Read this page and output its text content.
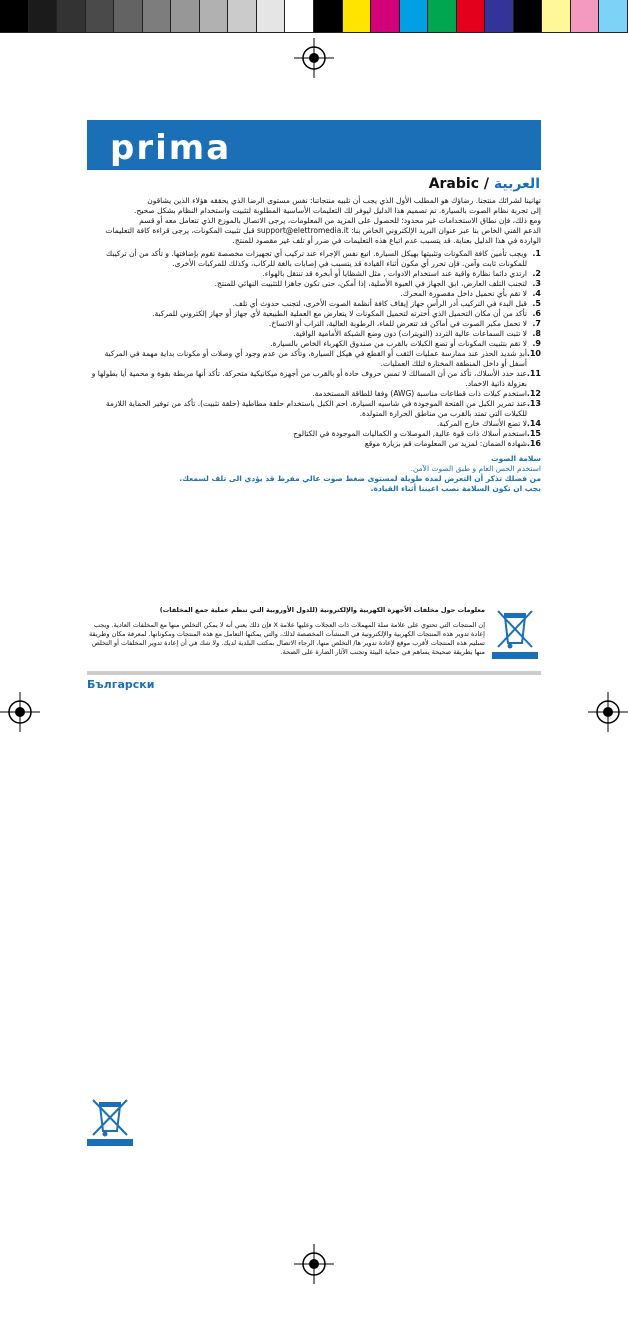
prima
Arabic / العربية

تهانينا لشرائك منتجنا. رضاؤك هو المطلب الأول الذي يجب أن تلبيه منتجاتنا: نفس مستوى الرضا الذي يحققه هؤلاء الذين يشاقون

إلى تجربة نظام الصوت بالسيارة. تم تصميم هذا الدليل ليوفر لك التعليمات الأساسية المطلوبة لتثبيت واستخدام النظام بشكل صحيح.

ومع ذلك، فإن نطاق الاستخدامات غير محدود؛ للحصول على المزيد من المعلومات، يرجى الاتصال بالموزع الذي تتعامل معه أو قسم

الدعم الفني الخاص بنا عبر عنوان البريد الإلكتروني الخاص بنا: support@elettromedia.it قبل تثبيت المكونات، يرجى قراءة كافة التعليمات

الواردة في هذا الدليل بعناية. قد يتسبب عدم اتباع هذه التعليمات في ضرر أو تلف غير مقصود للمنتج.

1.
ويجب تأمين كافة المكونات وتثبيتها بهيكل السيارة. اتبع نفس الإجراء عند تركيب أي تجهيزات مخصصة تقوم بإضافتها. و تأكد من أن تركيبك للمكونات ثابت وآمن. فإن تحرر أي مكون أثناء القيادة قد يتسبب في إصابات بالغة للركاب، وكذلك للمركبات الأخرى.
2.
ارتدي دائما نظارة واقية عند استخدام الادوات , مثل الشظايا أو أبخرة قد تنتقل بالهواء.
3.
لتجنب التلف العارض، ابق الجهاز في العبوة الأصلية، إذا أمكن، حتى تكون جاهزا للتثبيت النهائي للمنتج.
4.
لا تقم بأي تحميل داخل مقصورة المحرك.
5.
قبل البدء في التركيب أدر الرأس جهاز إيقاف كافة أنظمة الصوت الأخرى، لتجنب حدوث أي تلف.
6.
تأكد من أن مكان التحميل الذي أخترته لتحميل المكونات لا يتعارض مع العملية الطبيعية لأي جهاز أو جهاز إلكتروني للمركبة.
7.
لا تحمل مكبر الصوت في أماكن قد تتعرض للماء، الرطوبة العالية، التراب أو الاتساخ.
8.
لا تثبت السماعات عالية التردد (التويترات) دون وضع الشبكة الأمامية الواقية.
9.
لا تقم بتثبيت المكونات أو تضع الكبلات بالقرب من صندوق الكهرباء الخاص بالسيارة.
10.
أبدِ شديد الحذر عند ممارسة عمليات الثقب أو القطع في هيكل السيارة، وتأكد من عدم وجود أي وصلات أو مكونات بداية مهمة في المركبة أسفل أو داخل المنطقة المختارة لتلك العمليات.
11.
عند حدد الأسلاك، تأكد من أن المسالك لا تمس حروف حادة أو بالقرب من أجهزة ميكانيكية متحركة. تأكد أنها مربطة بقوة و محمية أيا بطولها و بعزولة ذاتية الاخماد.
12.
استخدم كبلات ذات قطاعات مناسبة (AWG) وفقا للطاقة المستخدمة.
13.
عند تمرير الكبل من الفتحة الموجودة في شاسيه السيارة، احم الكبل باستخدام حلقة مطاطية (حلقة تثبيت). تأكد من توفير الحماية اللازمة للكبلات التي تمتد بالقرب من مناطق الحرارة المتولدة.
14.
لا تضع الأسلاك خارج المركبة.
15.
استخدم أسلاك ذات قوة عالية, الموصلات و الكماليات الموجودة في الكتالوج
16.
شهادة الضمان: لمزيد من المعلومات قم بزيارة موقع

سلامة الصوت

استخدم الحس العام و طبق الصوت الآمن.

من فضلك تذكر أن التعرض لمدة طويلة لمستوى ضغط صوت عالي مفرط قد يؤدي الى تلف لسمعك.

يجب ان تكون السلامة نصب اعيننا أثناء القيادة.

معلومات حول مخلفات الأجهزة الكهربية والإلكترونية (للدول الأوروبية التي تنظم عملية جمع المخلفات)

إن المنتجات التي تحتوي على علامة سلة المهملات ذات العجلات وعليها علامة X فإن ذلك يعني أنه لا يمكن التخلص منها مع المخلفات العادية. ويجب إعادة تدوير هذه المنتجات الكهربية والإلكترونية في المنشآت المخصصة لذلك، والتي يمكنها التعامل مع هذه المنتجات ومكوناتها. لمعرفة مكان وطريقة تسليم هذه المنتجات لأقرب موقع لإعادة تدوير ها/ التخلص منها، الرجاء الاتصال بمكتب البلدية لديك. ولا شك في أن إعادة تدوير المخلفات أو التخلص منها بطريقة صحيحة يساهم في حماية البيئة وتجنب الآثار الضارة على الصحة.

Български
